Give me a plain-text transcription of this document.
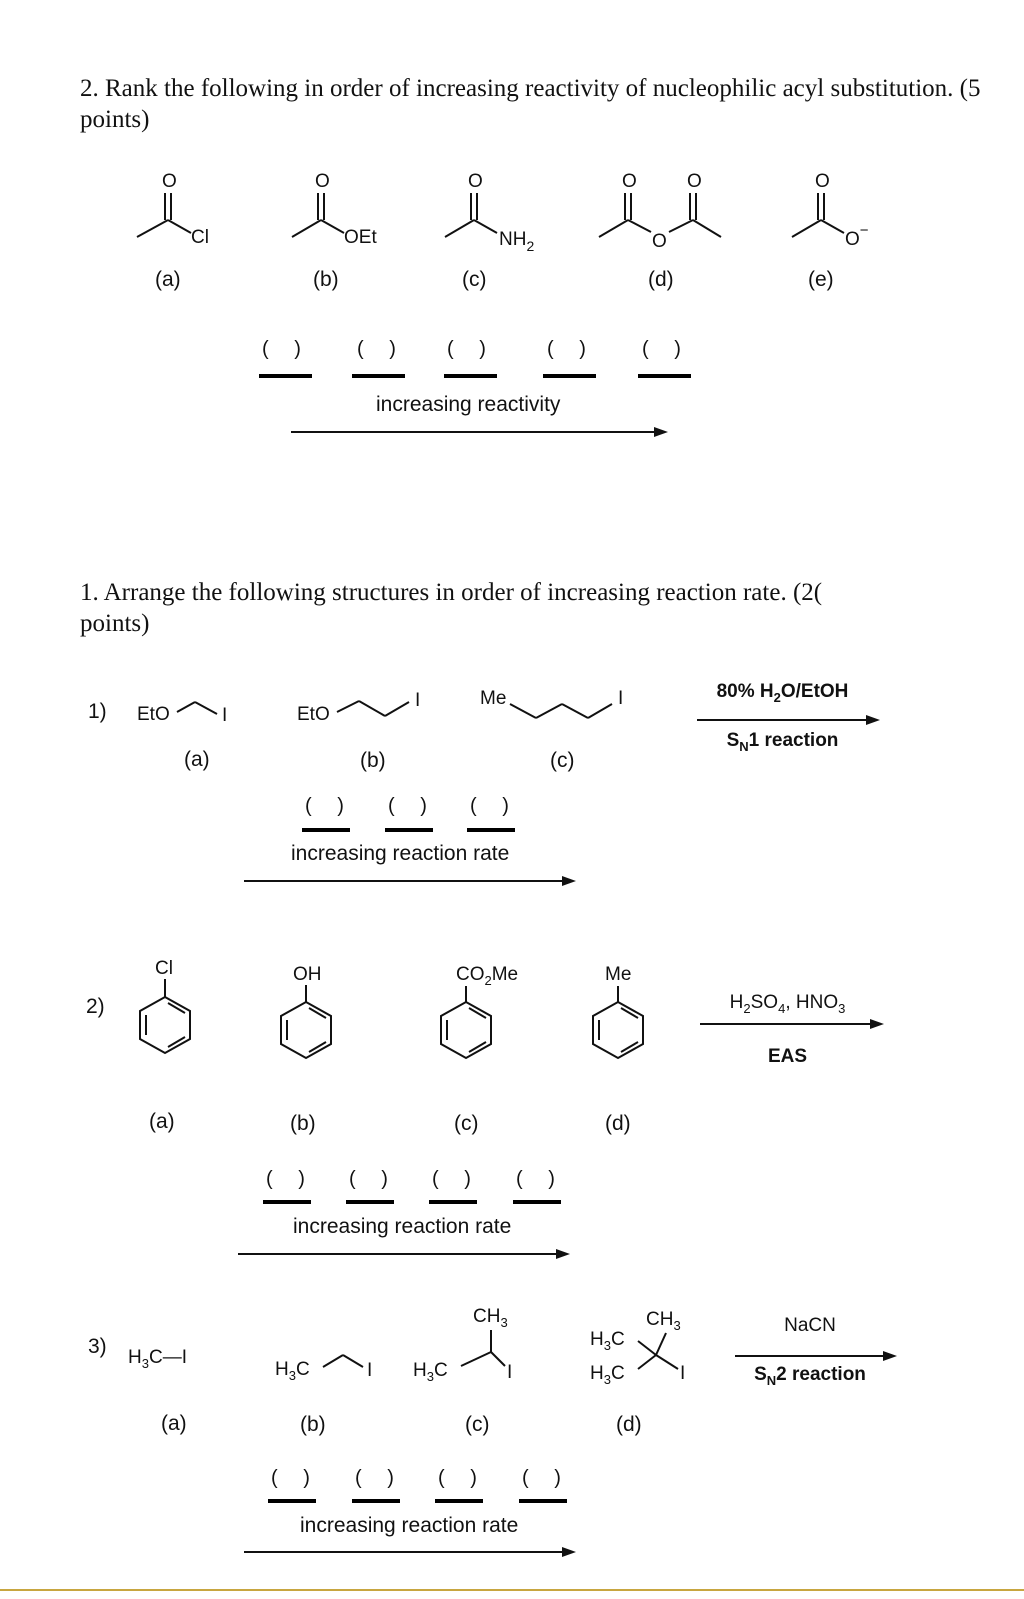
2. Rank the following in order of increasing reactivity of nucleophilic acyl substitution. (5 points)
O
Cl
O
OEt
O
$NH_2$
O	O
O
O
O−
(a)	(b)	(c)	(d)	(e)
( ) ( ) ( )	( ) ( )
increasing reactivity
1. Arrange the following structures in order of increasing reaction rate. (2(
points)
1) EtO	I	EtO
I	Me	I
(a)	(b)	(c)
80% $H_2O$/EtOH
$S_N1$ reaction
( ) ( ) ( )
increasing reaction rate
2)
Cl	OH	$CO_2Me$	Me
(a)	(b)	(c)	(d)
$H_2SO_4$, $HNO_3$
EAS
( ) ( ) ( ) ( )
increasing reaction rate
3) $H_3C—I$
$H_3C$	I
$CH_3$
$H_3C$	I
$CH_3$
$H_3C$
$H_3C$	I
(a)	(b)	(c)	(d)
NaCN
$S_N2$ reaction
( ) ( ) ( ) ( )
increasing reaction rate
